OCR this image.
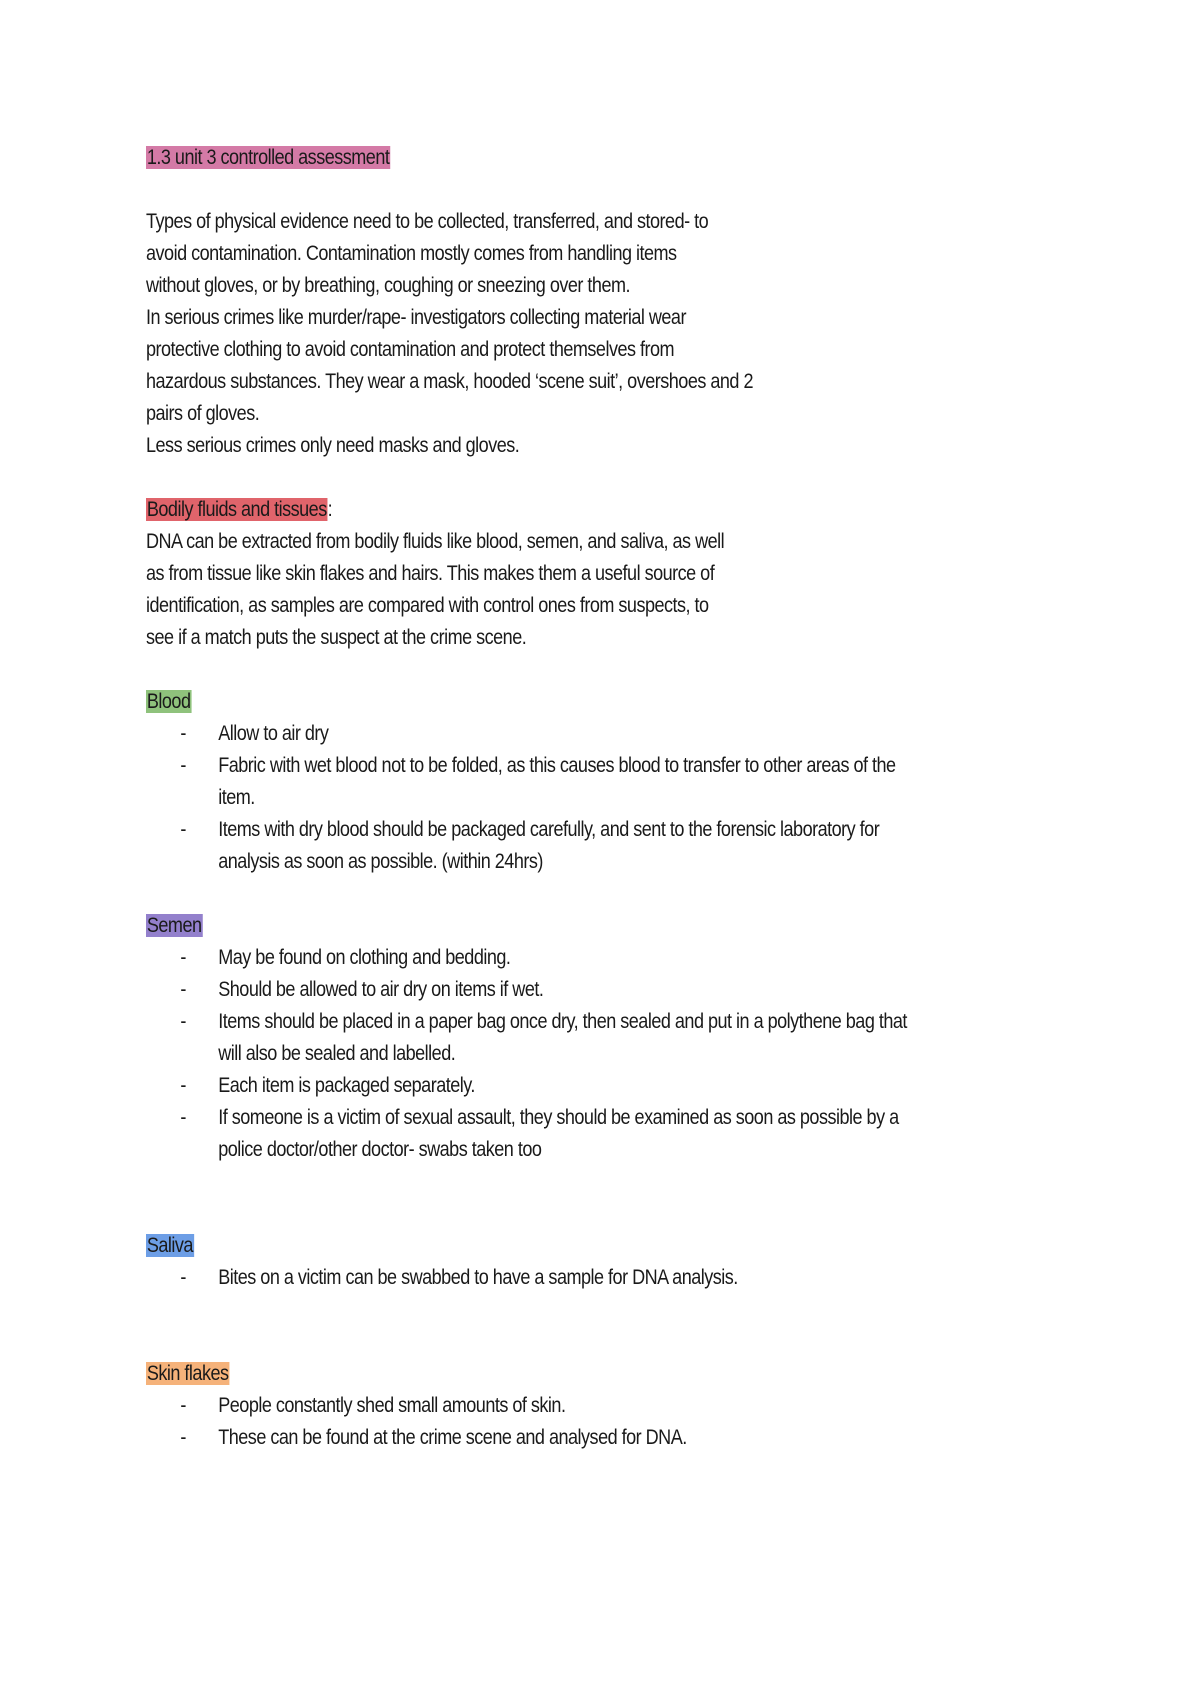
1.3 unit 3 controlled assessment

Types of physical evidence need to be collected, transferred, and stored- to

avoid contamination. Contamination mostly comes from handling items

without gloves, or by breathing, coughing or sneezing over them.

In serious crimes like murder/rape- investigators collecting material wear

protective clothing to avoid contamination and protect themselves from

hazardous substances. They wear a mask, hooded ‘scene suit’, overshoes and 2

pairs of gloves.

Less serious crimes only need masks and gloves.

Bodily fluids and tissues:

DNA can be extracted from bodily fluids like blood, semen, and saliva, as well

as from tissue like skin flakes and hairs. This makes them a useful source of

identification, as samples are compared with control ones from suspects, to

see if a match puts the suspect at the crime scene.

Blood

- Allow to air dry
- Fabric with wet blood not to be folded, as this causes blood to transfer to other areas of the item.
- Items with dry blood should be packaged carefully, and sent to the forensic laboratory for analysis as soon as possible. (within 24hrs)

Semen

- May be found on clothing and bedding.
- Should be allowed to air dry on items if wet.
- Items should be placed in a paper bag once dry, then sealed and put in a polythene bag that will also be sealed and labelled.
- Each item is packaged separately.
- If someone is a victim of sexual assault, they should be examined as soon as possible by a police doctor/other doctor- swabs taken too

Saliva

- Bites on a victim can be swabbed to have a sample for DNA analysis.

Skin flakes

- People constantly shed small amounts of skin.
- These can be found at the crime scene and analysed for DNA.
